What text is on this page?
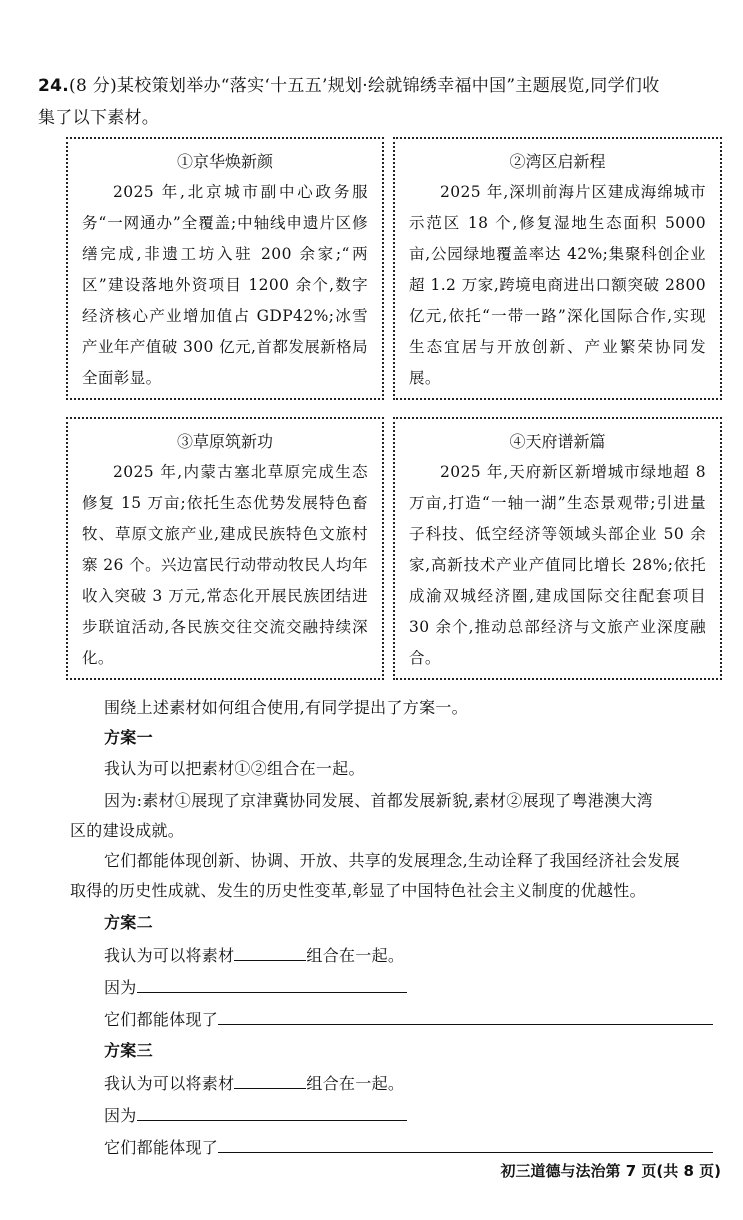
24.(8 分)某校策划举办“落实‘十五五’规划·绘就锦绣幸福中国”主题展览,同学们收
集了以下素材。
①京华焕新颜
2025 年,北京城市副中心政务服务“一网通办”全覆盖;中轴线申遗片区修缮完成,非遗工坊入驻 200 余家;“两区”建设落地外资项目 1200 余个,数字经济核心产业增加值占 GDP42%;冰雪产业年产值破 300 亿元,首都发展新格局全面彰显。
②湾区启新程
2025 年,深圳前海片区建成海绵城市示范区 18 个,修复湿地生态面积 5000 亩,公园绿地覆盖率达 42%;集聚科创企业超 1.2 万家,跨境电商进出口额突破 2800 亿元,依托“一带一路”深化国际合作,实现生态宜居与开放创新、产业繁荣协同发展。
③草原筑新功
2025 年,内蒙古塞北草原完成生态修复 15 万亩;依托生态优势发展特色畜牧、草原文旅产业,建成民族特色文旅村寨 26 个。兴边富民行动带动牧民人均年收入突破 3 万元,常态化开展民族团结进步联谊活动,各民族交往交流交融持续深化。
④天府谱新篇
2025 年,天府新区新增城市绿地超 8 万亩,打造“一轴一湖”生态景观带;引进量子科技、低空经济等领域头部企业 50 余家,高新技术产业产值同比增长 28%;依托成渝双城经济圈,建成国际交往配套项目 30 余个,推动总部经济与文旅产业深度融合。
围绕上述素材如何组合使用,有同学提出了方案一。
方案一
我认为可以把素材①②组合在一起。
因为:素材①展现了京津冀协同发展、首都发展新貌,素材②展现了粤港澳大湾
区的建设成就。
它们都能体现创新、协调、开放、共享的发展理念,生动诠释了我国经济社会发展
取得的历史性成就、发生的历史性变革,彰显了中国特色社会主义制度的优越性。
方案二
我认为可以将素材	组合在一起。
因为
它们都能体现了
方案三
我认为可以将素材	组合在一起。
因为
它们都能体现了
初三道德与法治第 7 页(共 8 页)
